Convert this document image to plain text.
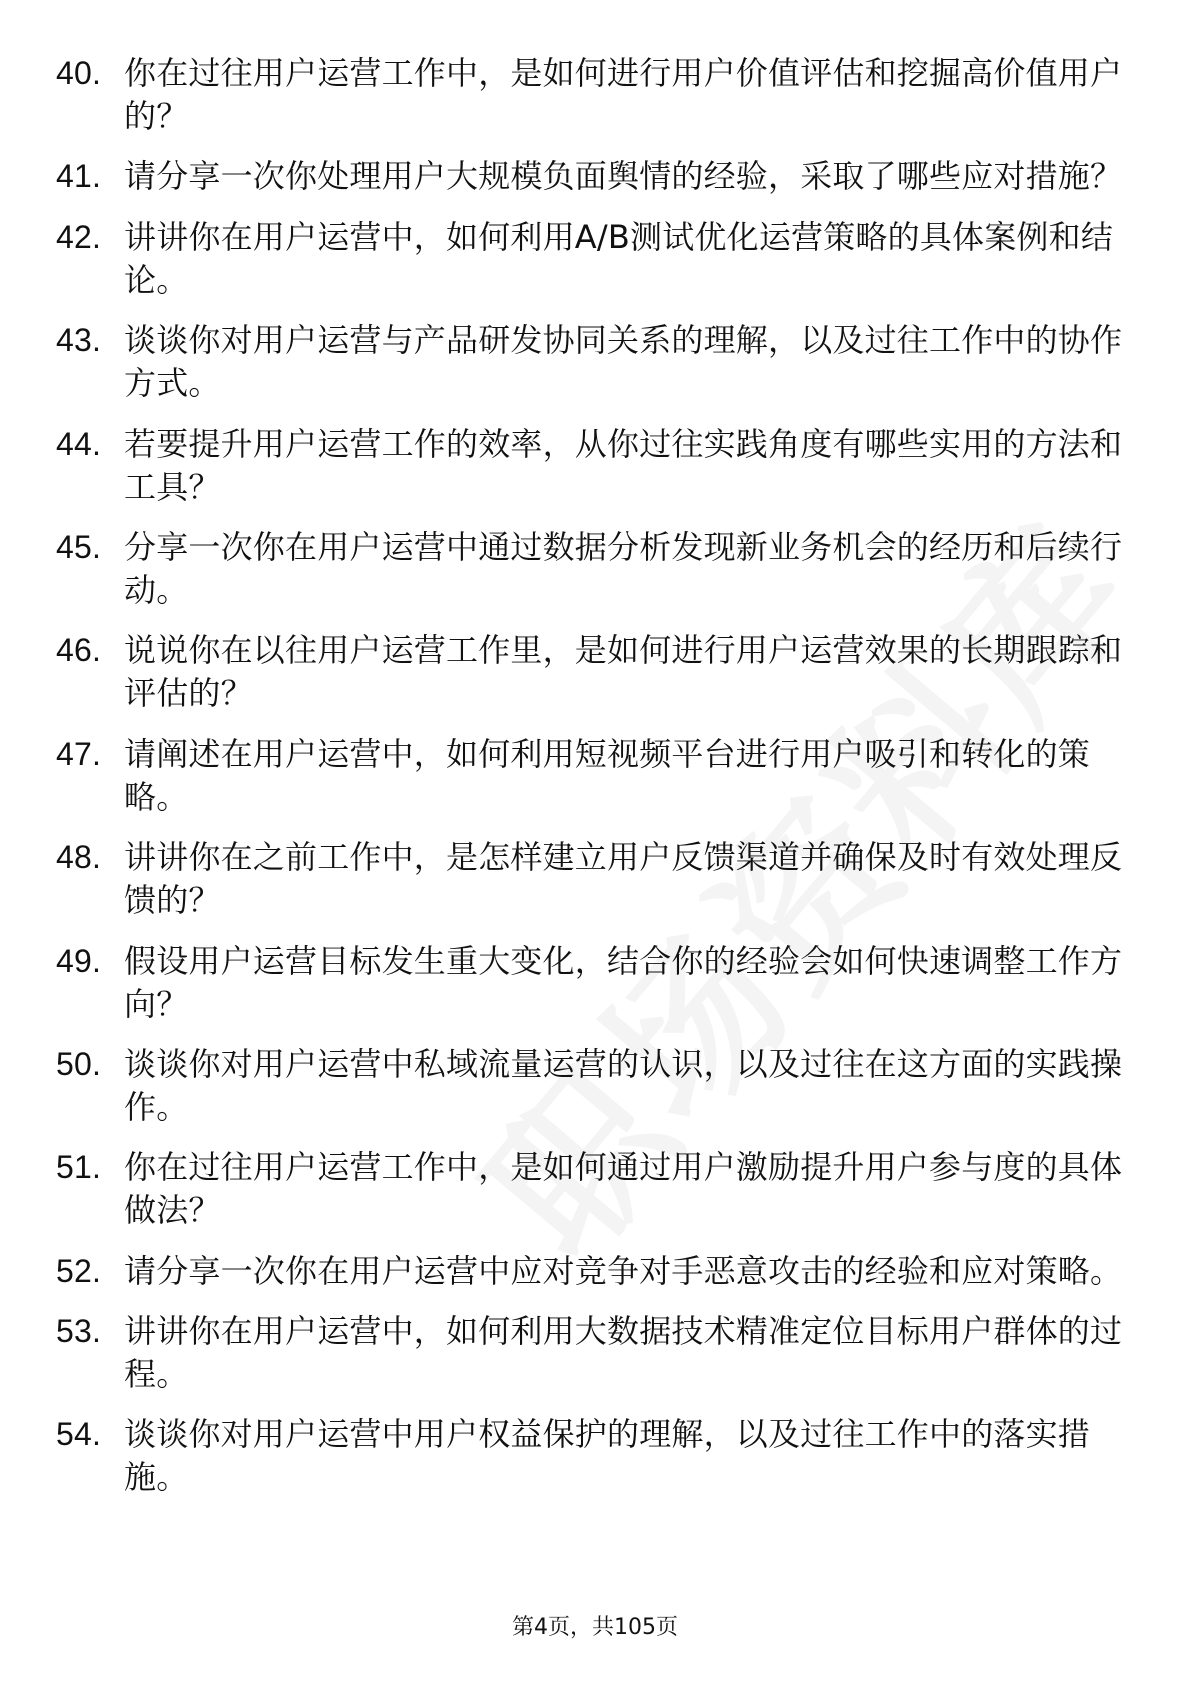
40. 你在过往用户运营工作中，是如何进行用户价值评估和挖掘高价值用户的？
41. 请分享一次你处理用户大规模负面舆情的经验，采取了哪些应对措施？
42. 讲讲你在用户运营中，如何利用A/B测试优化运营策略的具体案例和结论。
43. 谈谈你对用户运营与产品研发协同关系的理解，以及过往工作中的协作方式。
44. 若要提升用户运营工作的效率，从你过往实践角度有哪些实用的方法和工具？
45. 分享一次你在用户运营中通过数据分析发现新业务机会的经历和后续行动。
46. 说说你在以往用户运营工作里，是如何进行用户运营效果的长期跟踪和评估的？
47. 请阐述在用户运营中，如何利用短视频平台进行用户吸引和转化的策略。
48. 讲讲你在之前工作中，是怎样建立用户反馈渠道并确保及时有效处理反馈的？
49. 假设用户运营目标发生重大变化，结合你的经验会如何快速调整工作方向？
50. 谈谈你对用户运营中私域流量运营的认识，以及过往在这方面的实践操作。
51. 你在过往用户运营工作中，是如何通过用户激励提升用户参与度的具体做法？
52. 请分享一次你在用户运营中应对竞争对手恶意攻击的经验和应对策略。
53. 讲讲你在用户运营中，如何利用大数据技术精准定位目标用户群体的过程。
54. 谈谈你对用户运营中用户权益保护的理解，以及过往工作中的落实措施。
第4页，共105页
